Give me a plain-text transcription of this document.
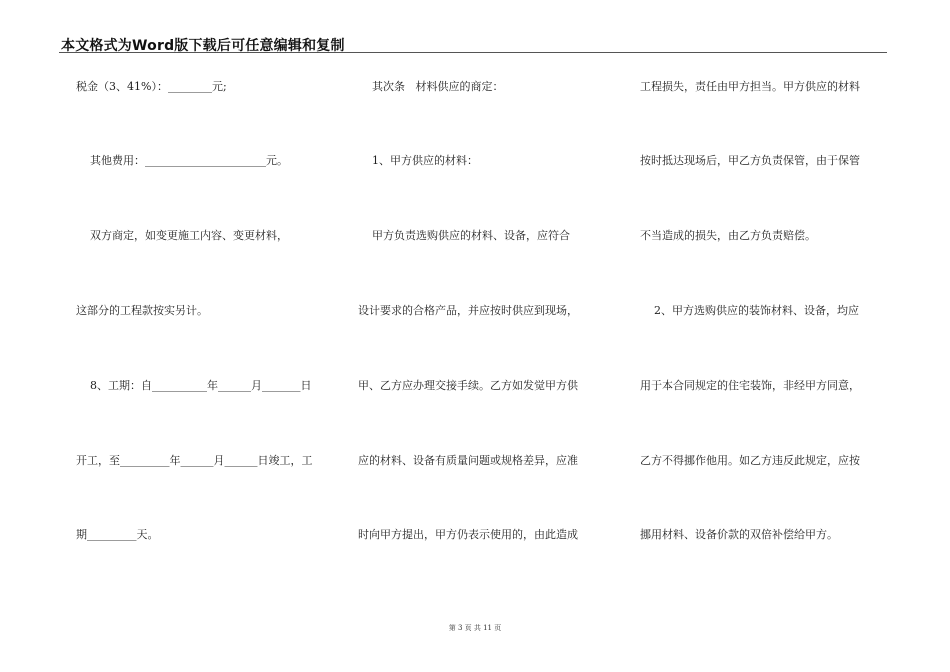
本文格式为Word版下载后可任意编辑和复制
税金（3、41%）：________元;
其他费用：______________________元。
双方商定，如变更施工内容、变更材料，
这部分的工程款按实另计。
8、工期：自__________年______月_______日
开工，至_________年______月______日竣工，工
期_________天。
其次条   材料供应的商定：
1、甲方供应的材料：
甲方负责选购供应的材料、设备，应符合
设计要求的合格产品，并应按时供应到现场，
甲、乙方应办理交接手续。乙方如发觉甲方供
应的材料、设备有质量问题或规格差异，应准
时向甲方提出，甲方仍表示使用的，由此造成
工程损失，责任由甲方担当。甲方供应的材料
按时抵达现场后，甲乙方负责保管，由于保管
不当造成的损失，由乙方负责赔偿。
2、甲方选购供应的装饰材料、设备，均应
用于本合同规定的住宅装饰，非经甲方同意，
乙方不得挪作他用。如乙方违反此规定，应按
挪用材料、设备价款的双倍补偿给甲方。
第 3 页 共 11 页
